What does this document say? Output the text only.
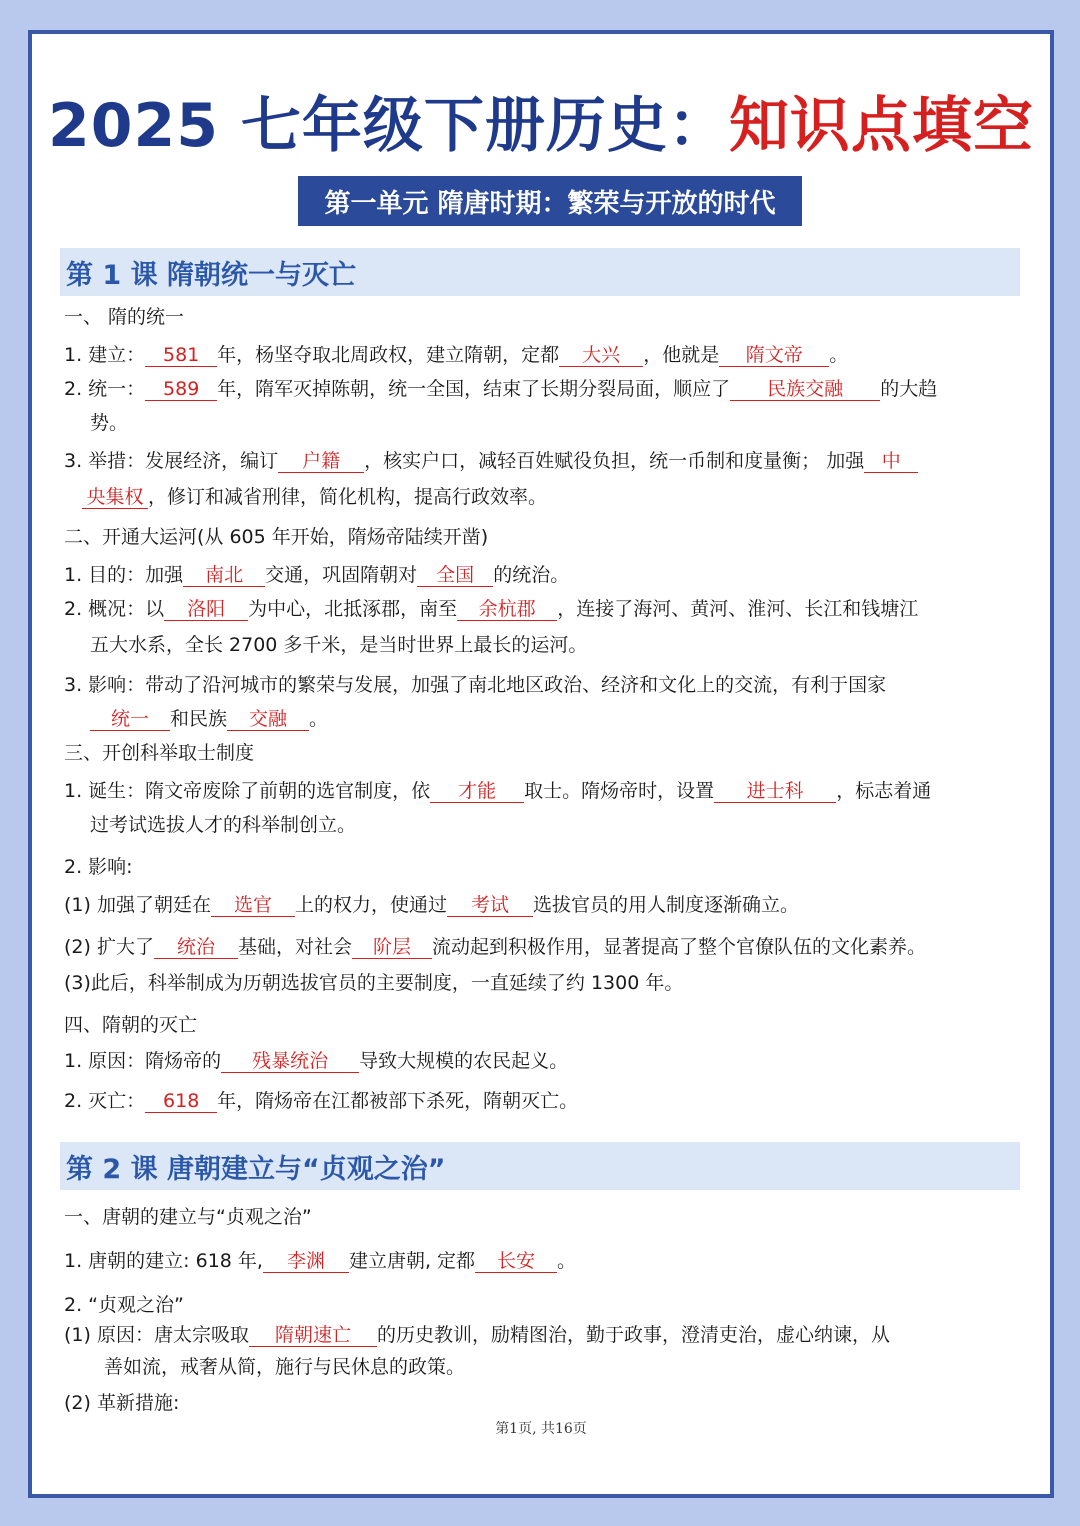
2025 七年级下册历史：知识点填空
第一单元 隋唐时期：繁荣与开放的时代
第 1 课 隋朝统一与灭亡
一、 隋的统一
1. 建立： 581 年，杨坚夺取北周政权，建立隋朝，定都 大兴 ，他就是 隋文帝 。
2. 统一： 589 年，隋军灭掉陈朝，统一全国，结束了长期分裂局面，顺应了 民族交融 的大趋
势。
3. 举措：发展经济，编订 户籍 ，核实户口，减轻百姓赋役负担，统一币制和度量衡； 加强 中
央集权 ，修订和减省刑律，简化机构，提高行政效率。
二、开通大运河(从 605 年开始，隋炀帝陆续开凿)
1. 目的：加强 南北 交通，巩固隋朝对 全国 的统治。
2. 概况：以 洛阳 为中心，北抵涿郡，南至 余杭郡 ，连接了海河、黄河、淮河、长江和钱塘江
五大水系，全长 2700 多千米，是当时世界上最长的运河。
3. 影响：带动了沿河城市的繁荣与发展，加强了南北地区政治、经济和文化上的交流，有利于国家
统一 和民族 交融 。
三、开创科举取士制度
1. 诞生：隋文帝废除了前朝的选官制度，依 才能 取士。隋炀帝时，设置 进士科 ，标志着通
过考试选拔人才的科举制创立。
2. 影响:
(1) 加强了朝廷在 选官 上的权力，使通过 考试 选拔官员的用人制度逐渐确立。
(2) 扩大了 统治 基础，对社会 阶层 流动起到积极作用，显著提高了整个官僚队伍的文化素养。
(3)此后，科举制成为历朝选拔官员的主要制度，一直延续了约 1300 年。
四、隋朝的灭亡
1. 原因：隋炀帝的 残暴统治 导致大规模的农民起义。
2. 灭亡： 618 年，隋炀帝在江都被部下杀死，隋朝灭亡。
第 2 课 唐朝建立与“贞观之治”
一、唐朝的建立与“贞观之治”
1. 唐朝的建立: 618 年, 李渊 建立唐朝, 定都 长安 。
2. “贞观之治”
(1) 原因：唐太宗吸取 隋朝速亡 的历史教训，励精图治，勤于政事，澄清吏治，虚心纳谏，从
善如流，戒奢从简，施行与民休息的政策。
(2) 革新措施:
第1页, 共16页
